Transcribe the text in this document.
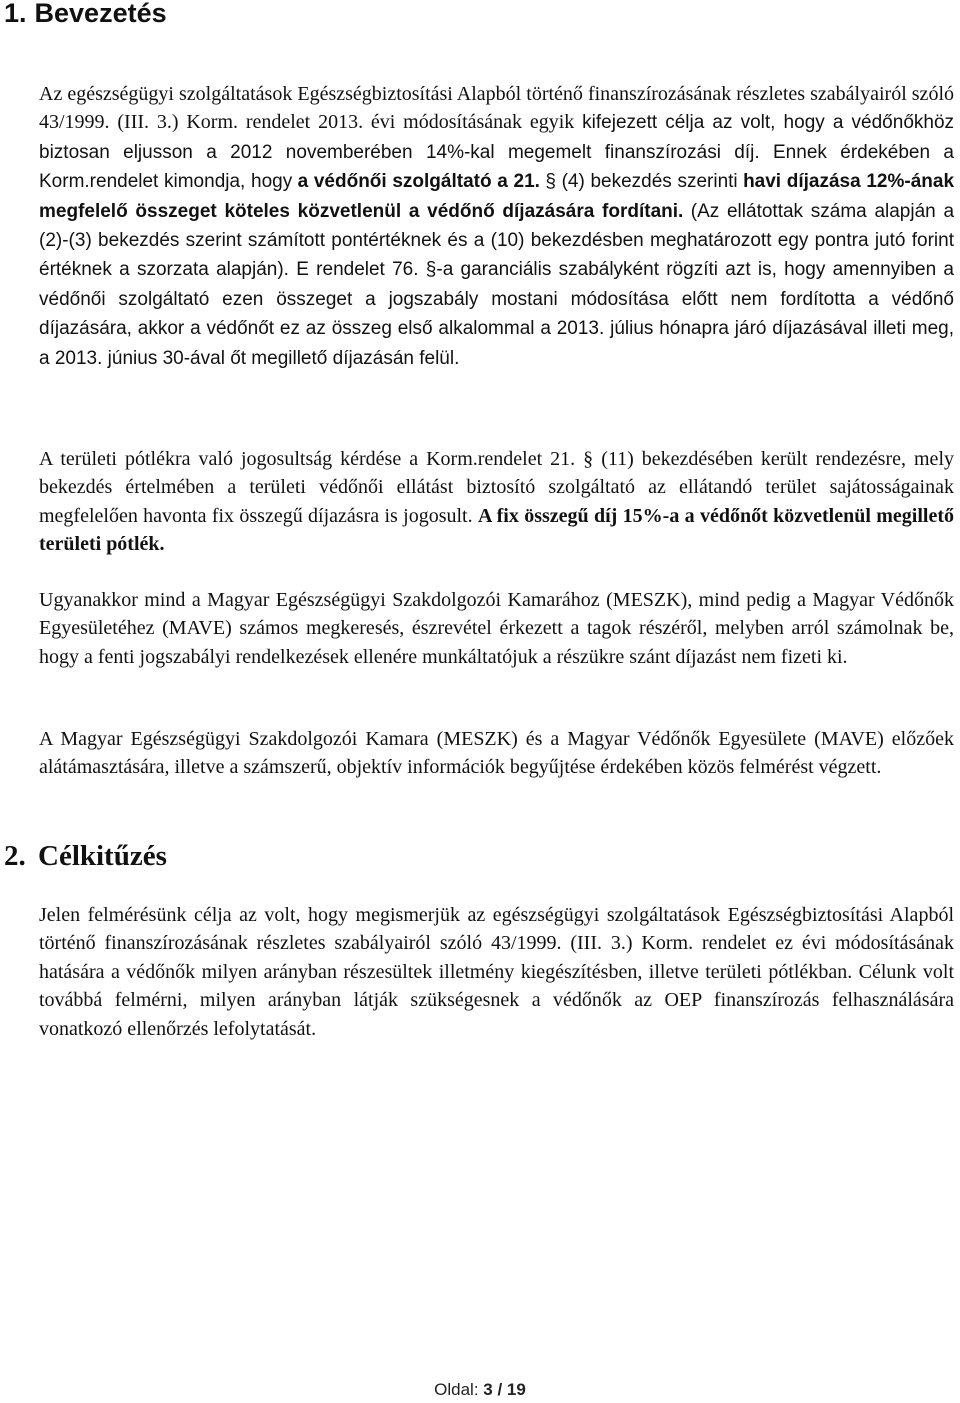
1. Bevezetés

Az egészségügyi szolgáltatások Egészségbiztosítási Alapból történő finanszírozásának részletes szabályairól szóló 43/1999. (III. 3.) Korm. rendelet 2013. évi módosításának egyik kifejezett célja az volt, hogy a védőnőkhöz biztosan eljusson a 2012 novemberében 14%-kal megemelt finanszírozási díj. Ennek érdekében a Korm.rendelet kimondja, hogy a védőnői szolgáltató a 21. § (4) bekezdés szerinti havi díjazása 12%-ának megfelelő összeget köteles közvetlenül a védőnő díjazására fordítani. (Az ellátottak száma alapján a (2)-(3) bekezdés szerint számított pontértéknek és a (10) bekezdésben meghatározott egy pontra jutó forint értéknek a szorzata alapján). E rendelet 76. §-a garanciális szabályként rögzíti azt is, hogy amennyiben a védőnői szolgáltató ezen összeget a jogszabály mostani módosítása előtt nem fordította a védőnő díjazására, akkor a védőnőt ez az összeg első alkalommal a 2013. július hónapra járó díjazásával illeti meg, a 2013. június 30-ával őt megillető díjazásán felül.

A területi pótlékra való jogosultság kérdése a Korm.rendelet 21. § (11) bekezdésében került rendezésre, mely bekezdés értelmében a területi védőnői ellátást biztosító szolgáltató az ellátandó terület sajátosságainak megfelelően havonta fix összegű díjazásra is jogosult. A fix összegű díj 15%-a a védőnőt közvetlenül megillető területi pótlék.

Ugyanakkor mind a Magyar Egészségügyi Szakdolgozói Kamarához (MESZK), mind pedig a Magyar Védőnők Egyesületéhez (MAVE) számos megkeresés, észrevétel érkezett a tagok részéről, melyben arról számolnak be, hogy a fenti jogszabályi rendelkezések ellenére munkáltatójuk a részükre szánt díjazást nem fizeti ki.

A Magyar Egészségügyi Szakdolgozói Kamara (MESZK) és a Magyar Védőnők Egyesülete (MAVE) előzőek alátámasztására, illetve a számszerű, objektív információk begyűjtése érdekében közös felmérést végzett.

2. Célkitűzés

Jelen felmérésünk célja az volt, hogy megismerjük az egészségügyi szolgáltatások Egészségbiztosítási Alapból történő finanszírozásának részletes szabályairól szóló 43/1999. (III. 3.) Korm. rendelet ez évi módosításának hatására a védőnők milyen arányban részesültek illetmény kiegészítésben, illetve területi pótlékban. Célunk volt továbbá felmérni, milyen arányban látják szükségesnek a védőnők az OEP finanszírozás felhasználására vonatkozó ellenőrzés lefolytatását.

Oldal: 3 / 19
